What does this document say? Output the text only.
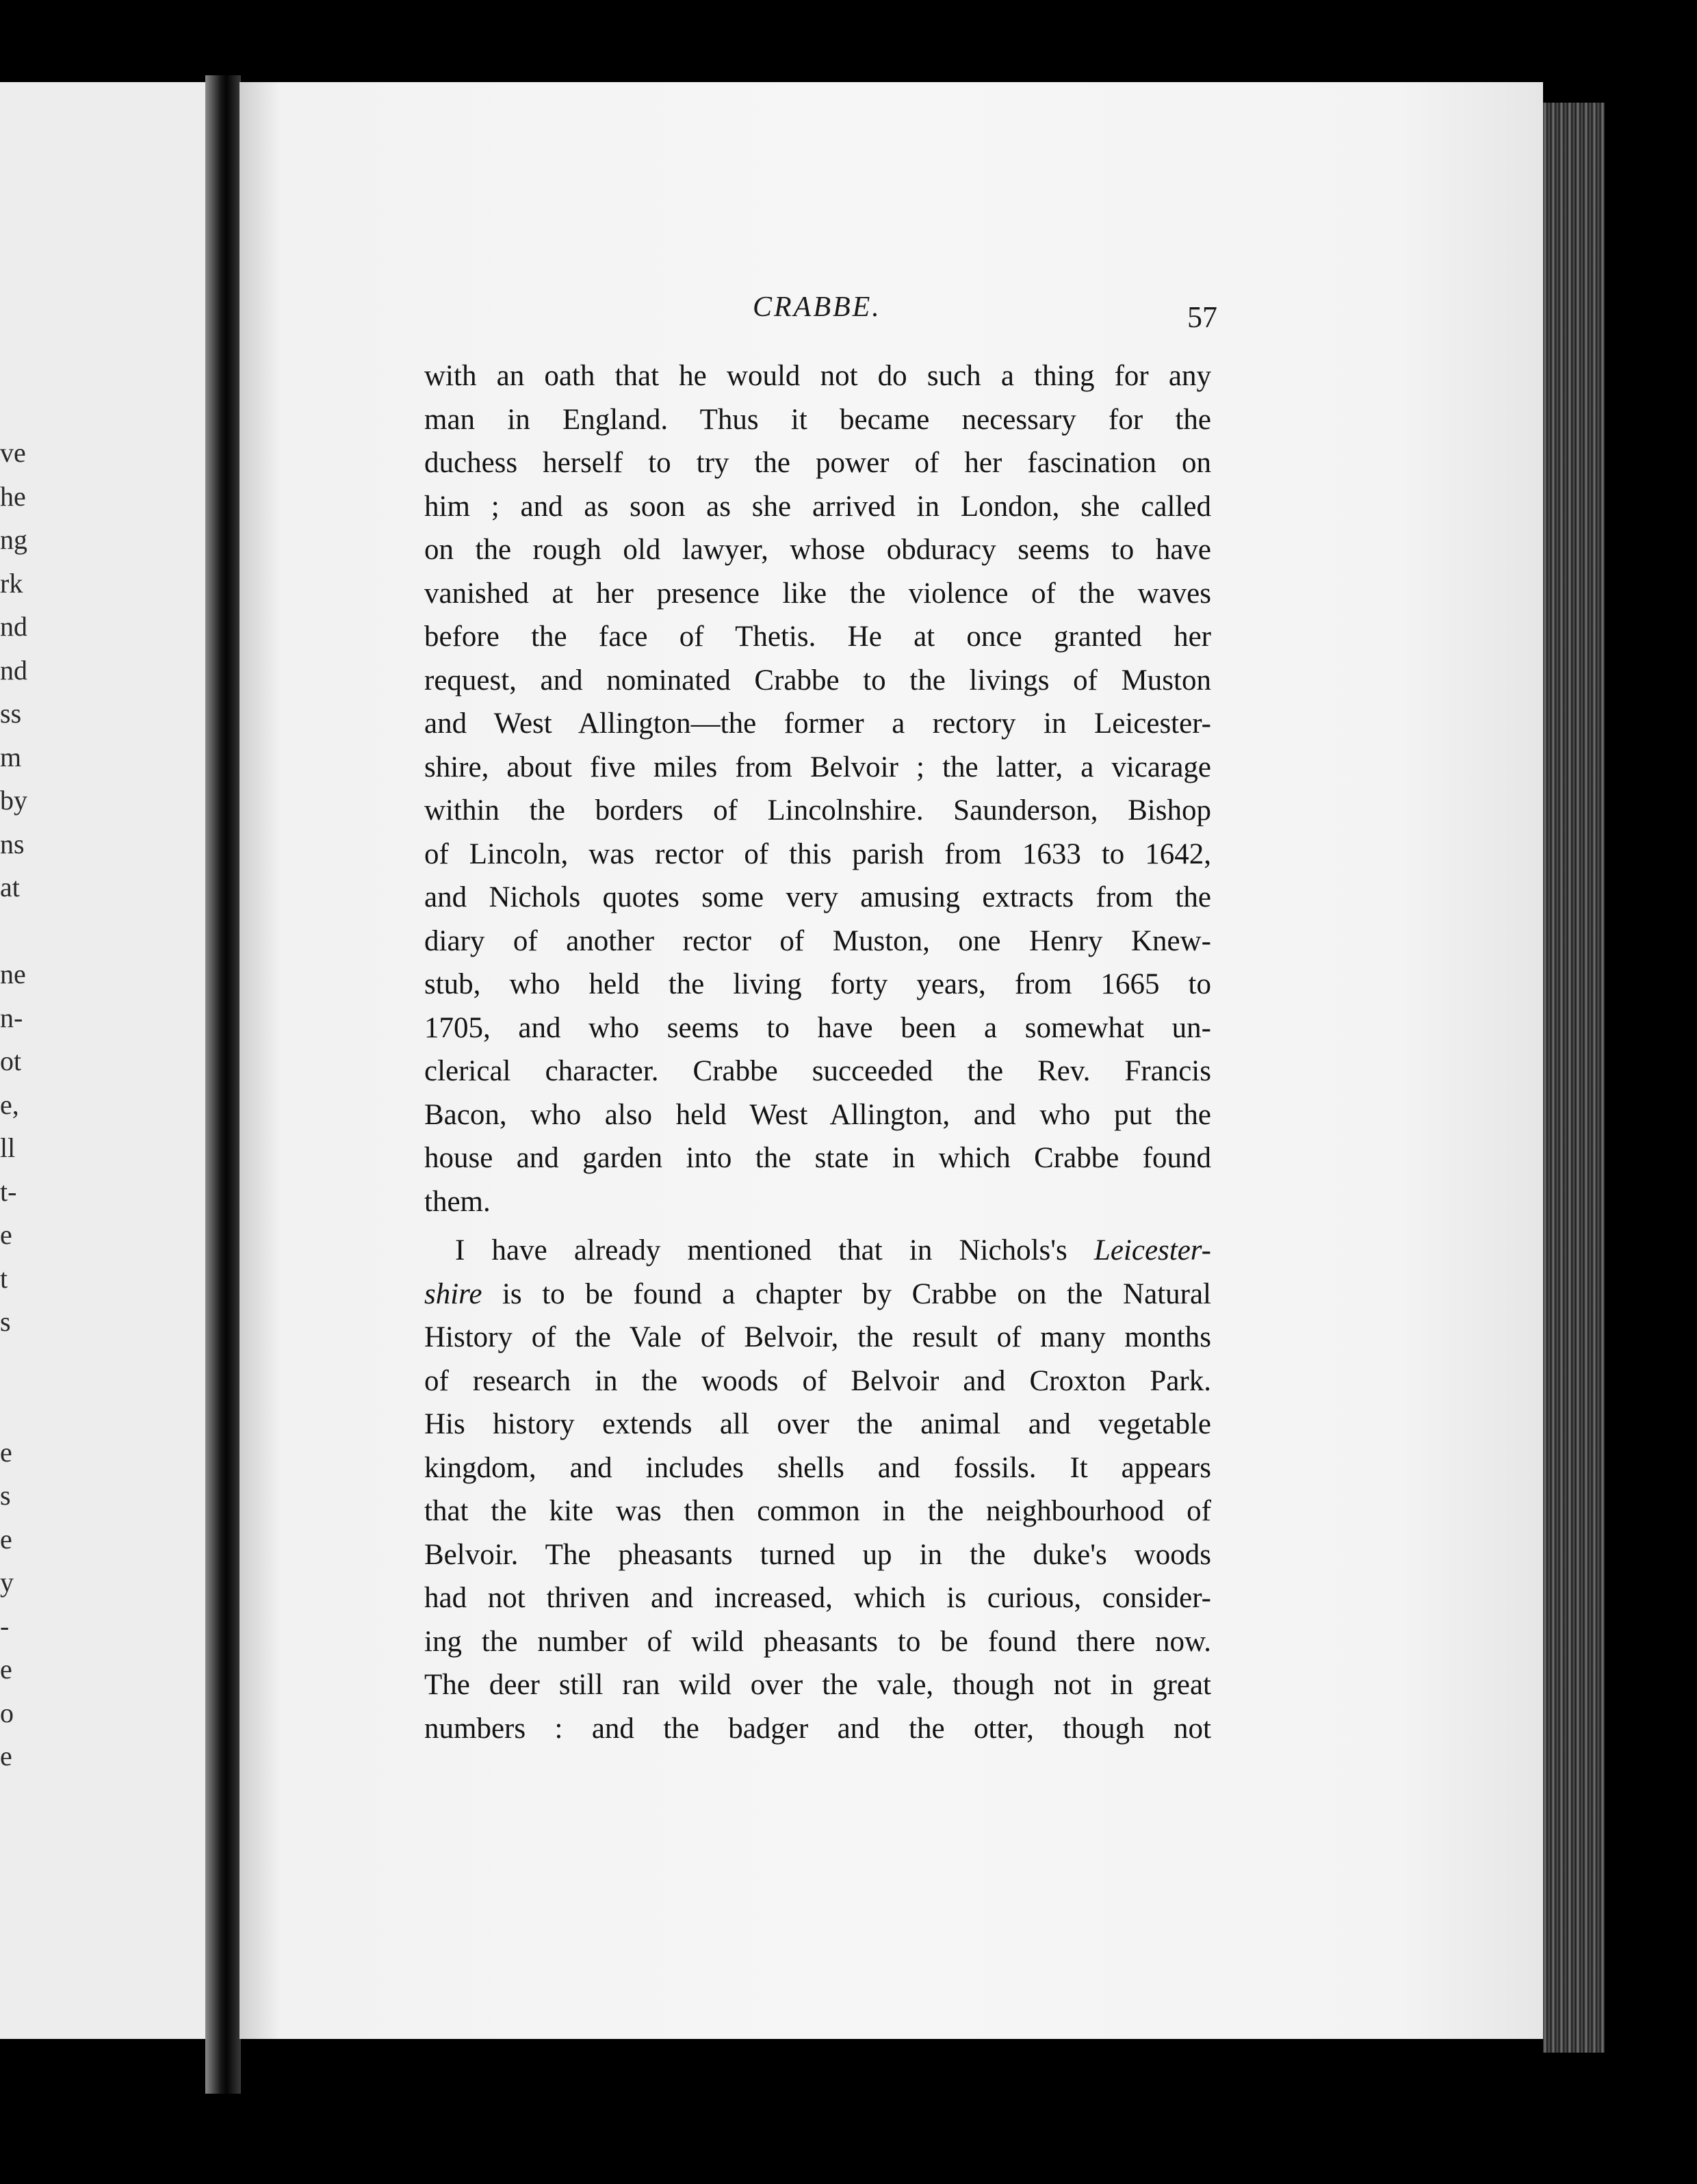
ve
he
ng
rk
nd
nd
ss
m
by
ns
at
ne
n-
ot
e,
ll
t-
e
t
s
e
s
e
y
-
e
o
e
CRABBE.	57
with an oath that he would not do such a thing for any
man in England. Thus it became necessary for the
duchess herself to try the power of her fascination on
him ; and as soon as she arrived in London, she called
on the rough old lawyer, whose obduracy seems to have
vanished at her presence like the violence of the waves
before the face of Thetis. He at once granted her
request, and nominated Crabbe to the livings of Muston
and West Allington—the former a rectory in Leicester-
shire, about five miles from Belvoir ; the latter, a vicarage
within the borders of Lincolnshire. Saunderson, Bishop
of Lincoln, was rector of this parish from 1633 to 1642,
and Nichols quotes some very amusing extracts from the
diary of another rector of Muston, one Henry Knew-
stub, who held the living forty years, from 1665 to
1705, and who seems to have been a somewhat un-
clerical character. Crabbe succeeded the Rev. Francis
Bacon, who also held West Allington, and who put the
house and garden into the state in which Crabbe found
them.
I have already mentioned that in Nichols's Leicester-
shire is to be found a chapter by Crabbe on the Natural
History of the Vale of Belvoir, the result of many months
of research in the woods of Belvoir and Croxton Park.
His history extends all over the animal and vegetable
kingdom, and includes shells and fossils. It appears
that the kite was then common in the neighbourhood of
Belvoir. The pheasants turned up in the duke's woods
had not thriven and increased, which is curious, consider-
ing the number of wild pheasants to be found there now.
The deer still ran wild over the vale, though not in great
numbers : and the badger and the otter, though not
